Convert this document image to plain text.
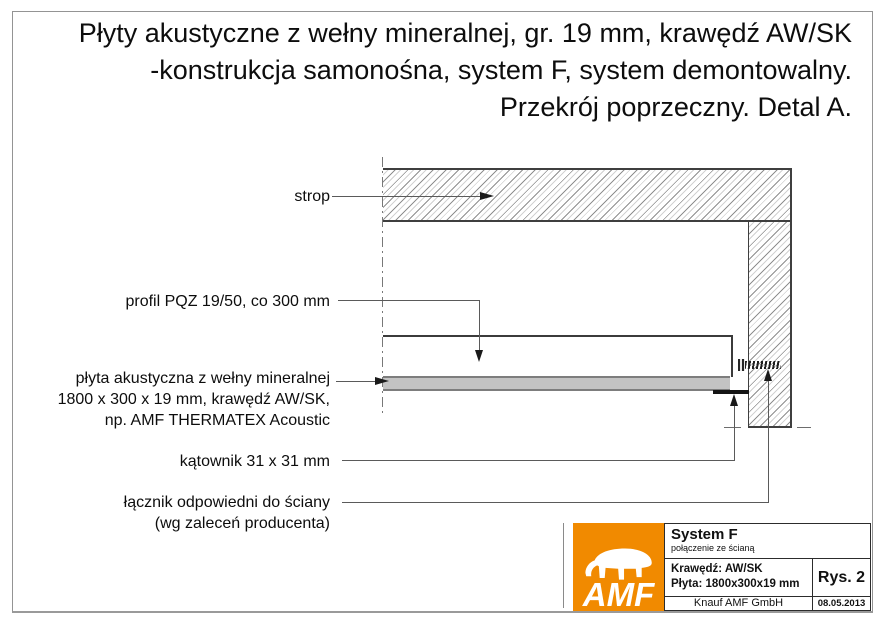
Płyty akustyczne z wełny mineralnej, gr. 19 mm, krawędź AW/SK
-konstrukcja samonośna, system F, system demontowalny.
Przekrój poprzeczny. Detal A.
strop
profil PQZ 19/50, co 300 mm
płyta akustyczna z wełny mineralnej
1800 x 300 x 19 mm, krawędź AW/SK,
np. AMF THERMATEX Acoustic
kątownik 31 x 31 mm
łącznik odpowiedni do ściany
(wg zaleceń producenta)
AMF
System F
połączenie ze ścianą
Krawędź: AW/SK
Płyta: 1800x300x19 mm	Rys. 2
Knauf AMF GmbH	08.05.2013
